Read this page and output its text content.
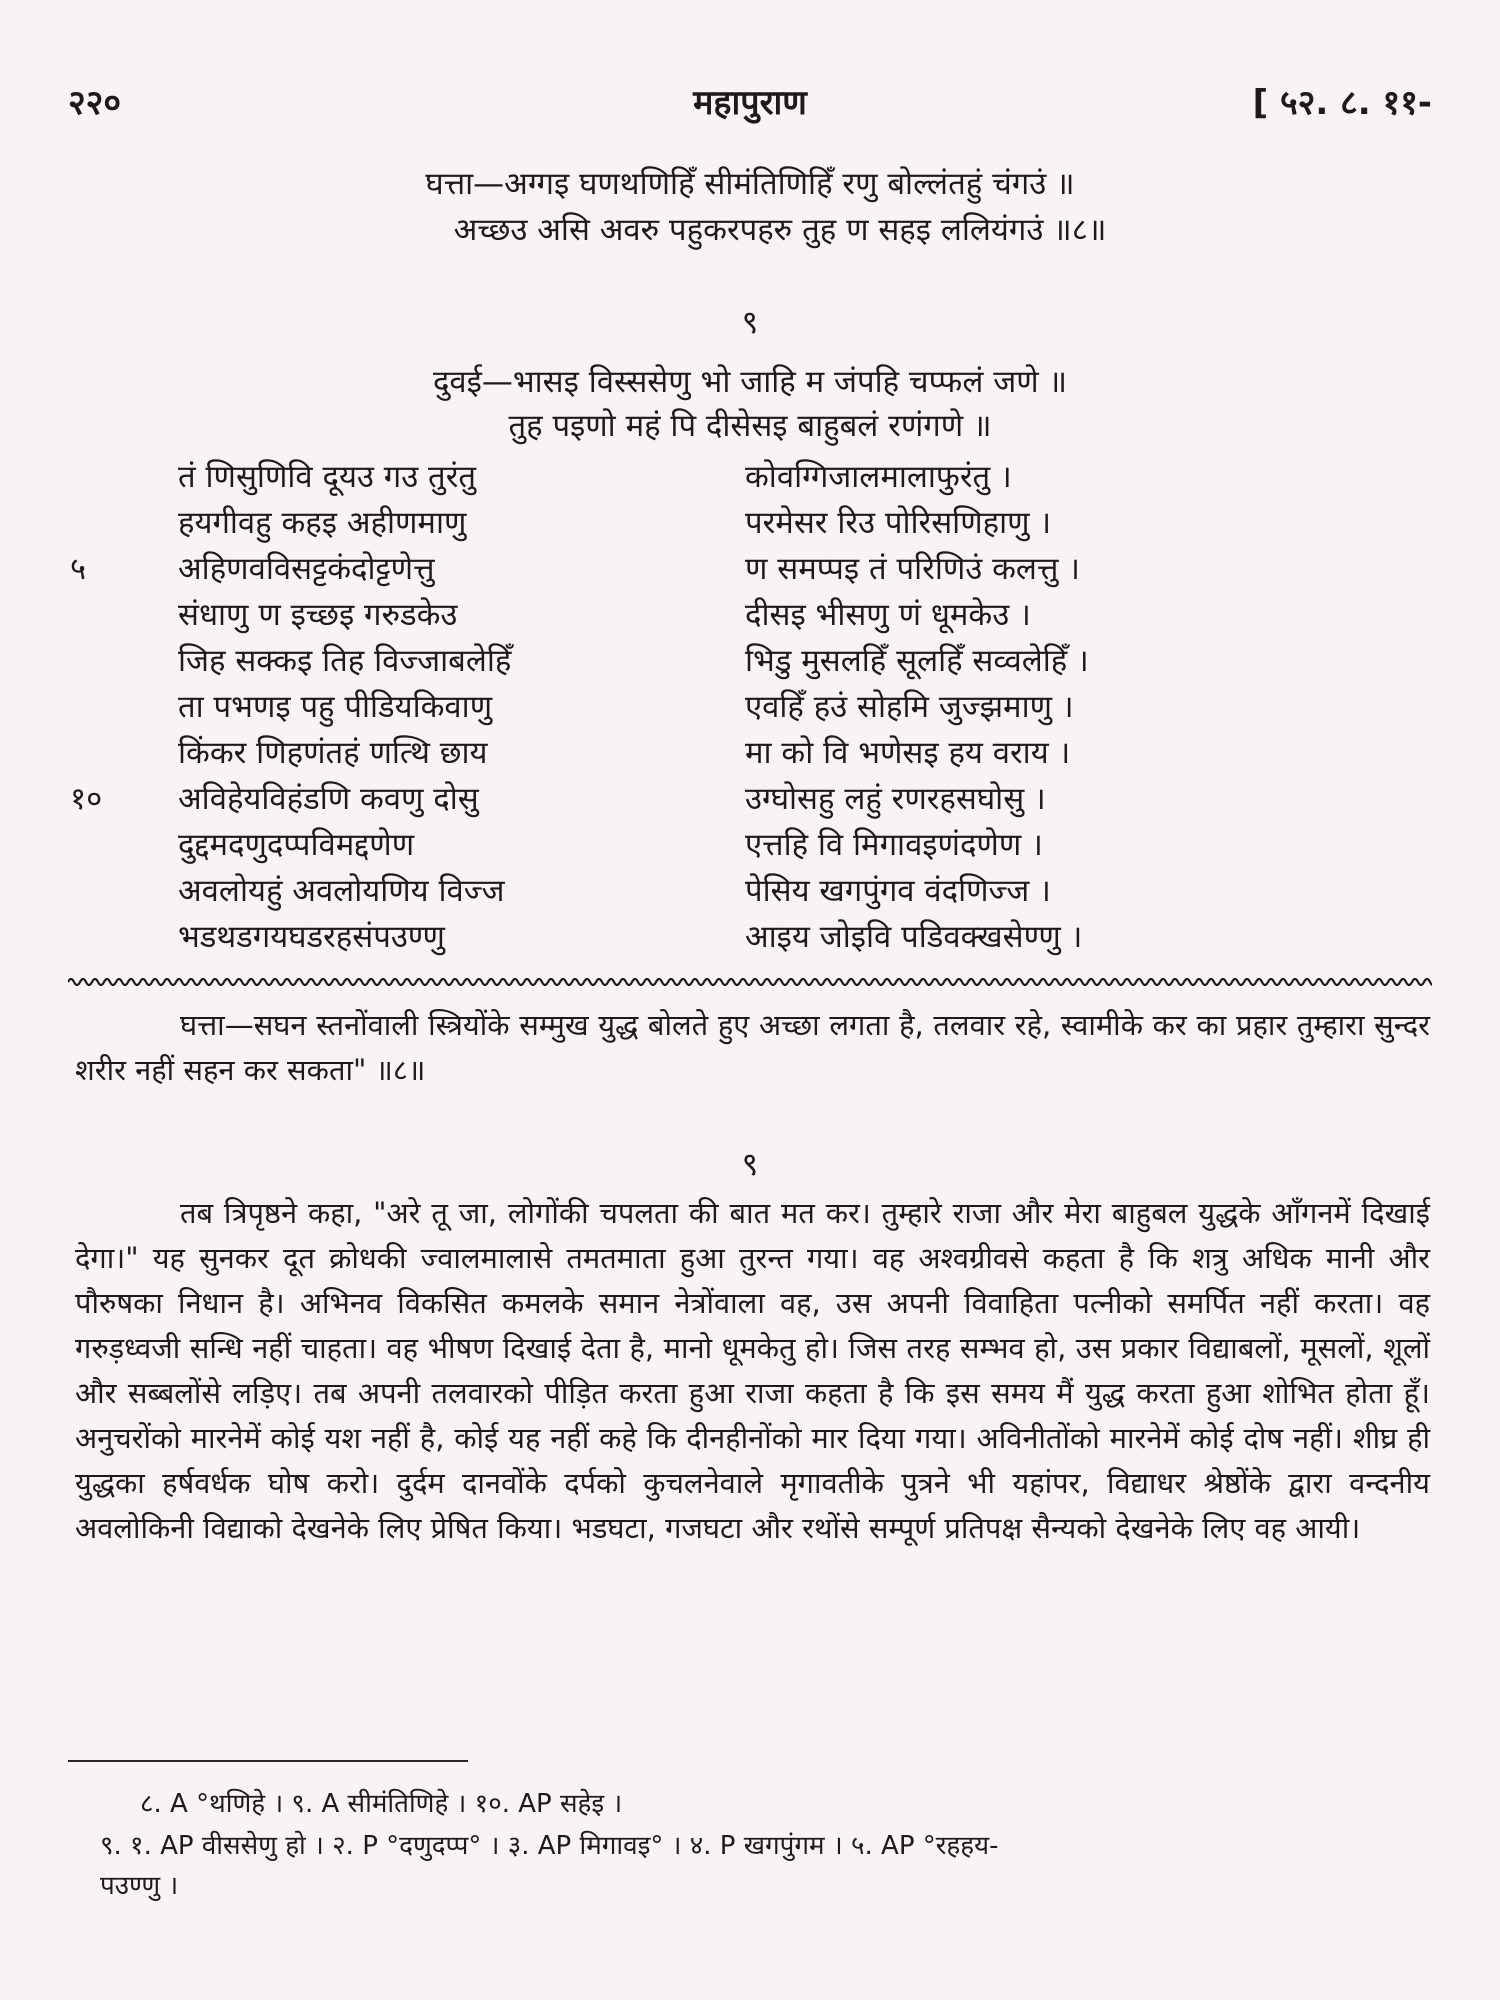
२२०	महापुराण	[ ५२. ८. ११-
घत्ता—अग्गइ घणथणिहिँ सीमंतिणिहिँ रणु बोल्लंतहुं चंगउं ॥
अच्छउ असि अवरु पहुकरपहरु तुह ण सहइ ललियंगउं ॥८॥
९
दुवई—भासइ विस्ससेणु भो जाहि म जंपहि चप्फलं जणे ॥
तुह पइणो महं पि दीसेसइ बाहुबलं रणंगणे ॥
तं णिसुणिवि दूयउ गउ तुरंतु	कोवग्गिजालमालाफुरंतु ।
हयगीवहु कहइ अहीणमाणु	परमेसर रिउ पोरिसणिहाणु ।
५	अहिणवविसट्टकंदोट्टणेत्तु	ण समप्पइ तं परिणिउं कलत्तु ।
संधाणु ण इच्छइ गरुडकेउ	दीसइ भीसणु णं धूमकेउ ।
जिह सक्कइ तिह विज्जाबलेहिँ	भिडु मुसलहिँ सूलहिँ सव्वलेहिँ ।
ता पभणइ पहु पीडियकिवाणु	एवहिँ हउं सोहमि जुज्झमाणु ।
किंकर णिहणंतहं णत्थि छाय	मा को वि भणेसइ हय वराय ।
१० अविहेयविहंडणि कवणु दोसु	उग्घोसहु लहुं रणरहसघोसु ।
दुद्दमदणुदप्पविमद्दणेण	एत्तहि वि मिगावइणंदणेण ।
अवलोयहुं अवलोयणिय विज्ज	पेसिय खगपुंगव वंदणिज्ज ।
भडथडगयघडरहसंपउण्णु	आइय जोइवि पडिवक्खसेण्णु ।

घत्ता—सघन स्तनोंवाली स्त्रियोंके सम्मुख युद्ध बोलते हुए अच्छा लगता है, तलवार रहे, स्वामीके कर का प्रहार तुम्हारा सुन्दर शरीर नहीं सहन कर सकता" ॥८॥

९

तब त्रिपृष्ठने कहा, "अरे तू जा, लोगोंकी चपलता की बात मत कर। तुम्हारे राजा और मेरा बाहुबल युद्धके आँगनमें दिखाई देगा।" यह सुनकर दूत क्रोधकी ज्वालमालासे तमतमाता हुआ तुरन्त गया। वह अश्वग्रीवसे कहता है कि शत्रु अधिक मानी और पौरुषका निधान है। अभिनव विकसित कमलके समान नेत्रोंवाला वह, उस अपनी विवाहिता पत्नीको समर्पित नहीं करता। वह गरुड़ध्वजी सन्धि नहीं चाहता। वह भीषण दिखाई देता है, मानो धूमकेतु हो। जिस तरह सम्भव हो, उस प्रकार विद्याबलों, मूसलों, शूलों और सब्बलोंसे लड़िए। तब अपनी तलवारको पीड़ित करता हुआ राजा कहता है कि इस समय मैं युद्ध करता हुआ शोभित होता हूँ। अनुचरोंको मारनेमें कोई यश नहीं है, कोई यह नहीं कहे कि दीनहीनोंको मार दिया गया। अविनीतोंको मारनेमें कोई दोष नहीं। शीघ्र ही युद्धका हर्षवर्धक घोष करो। दुर्दम दानवोंके दर्पको कुचलनेवाले मृगावतीके पुत्रने भी यहांपर, विद्याधर श्रेष्ठोंके द्वारा वन्दनीय अवलोकिनी विद्याको देखनेके लिए प्रेषित किया। भडघटा, गजघटा और रथोंसे सम्पूर्ण प्रतिपक्ष सैन्यको देखनेके लिए वह आयी।

८. A °थणिहे । ९. A सीमंतिणिहे । १०. AP सहेइ ।
९. १. AP वीससेणु हो । २. P °दणुदप्प° । ३. AP मिगावइ° । ४. P खगपुंगम । ५. AP °रहहय-
पउण्णु ।
